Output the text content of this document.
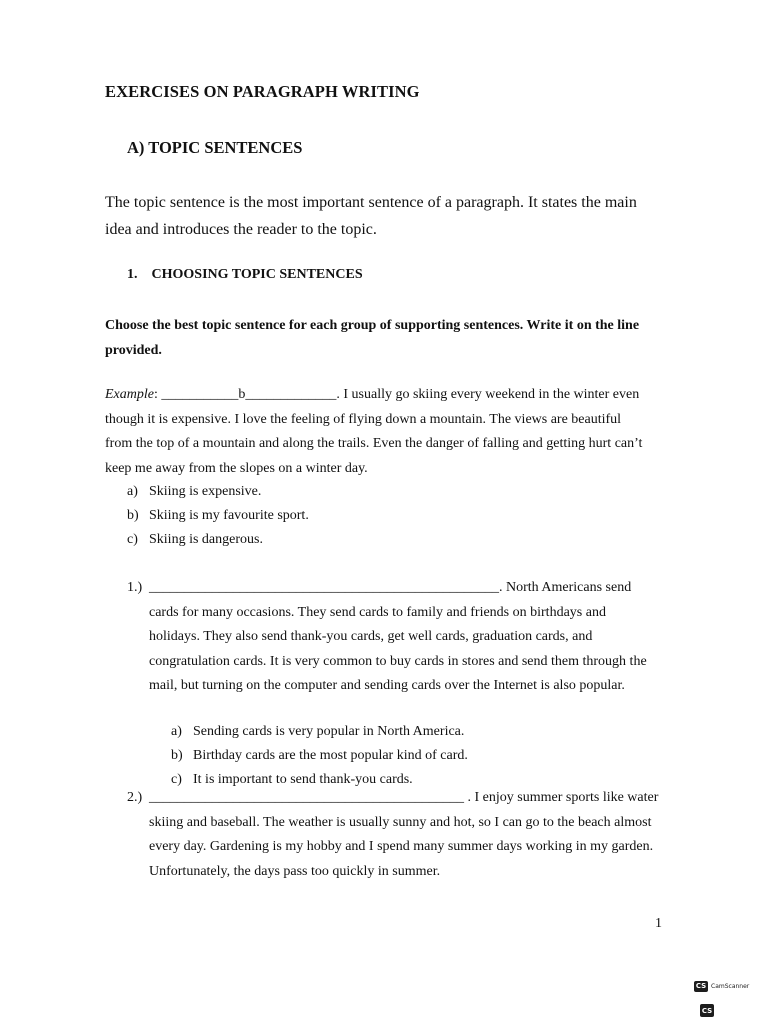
EXERCISES ON PARAGRAPH WRITING
A) TOPIC SENTENCES
The topic sentence is the most important sentence of a paragraph. It states the main idea and introduces the reader to the topic.
1. CHOOSING TOPIC SENTENCES
Choose the best topic sentence for each group of supporting sentences. Write it on the line provided.
Example: ___________b_____________. I usually go skiing every weekend in the winter even though it is expensive. I love the feeling of flying down a mountain. The views are beautiful from the top of a mountain and along the trails. Even the danger of falling and getting hurt can’t keep me away from the slopes on a winter day.
a) Skiing is expensive.
b) Skiing is my favourite sport.
c) Skiing is dangerous.
1.) __________________________________________________. North Americans send cards for many occasions. They send cards to family and friends on birthdays and holidays. They also send thank-you cards, get well cards, graduation cards, and congratulation cards. It is very common to buy cards in stores and send them through the mail, but turning on the computer and sending cards over the Internet is also popular.
a) Sending cards is very popular in North America.
b) Birthday cards are the most popular kind of card.
c) It is important to send thank-you cards.
2.) _____________________________________________ . I enjoy summer sports like water skiing and baseball. The weather is usually sunny and hot, so I can go to the beach almost every day. Gardening is my hobby and I spend many summer days working in my garden. Unfortunately, the days pass too quickly in summer.
1
CS CamScanner
CS
